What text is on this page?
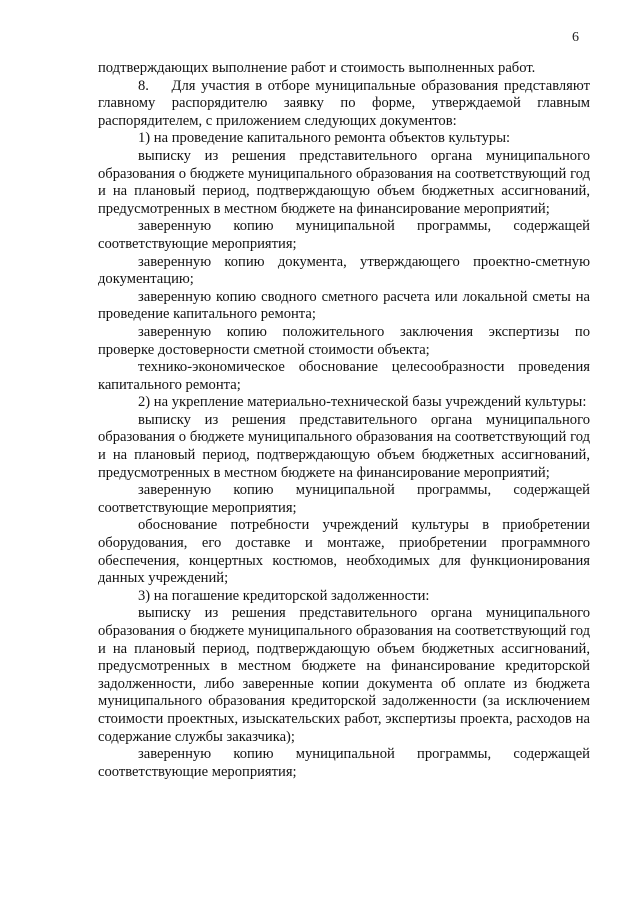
6

подтверждающих выполнение работ и стоимость выполненных работ.

8.    Для участия в отборе муниципальные образования представляют главному распорядителю заявку по форме, утверждаемой главным распорядителем, с приложением следующих документов:

1) на проведение капитального ремонта объектов культуры:

выписку из решения представительного органа муниципального образования о бюджете муниципального образования на соответствующий год и на плановый период, подтверждающую объем бюджетных ассигнований, предусмотренных в местном бюджете на финансирование мероприятий;

заверенную копию муниципальной программы, содержащей соответствующие мероприятия;

заверенную копию документа, утверждающего проектно-сметную документацию;

заверенную копию сводного сметного расчета или локальной сметы на проведение капитального ремонта;

заверенную копию положительного заключения экспертизы по проверке достоверности сметной стоимости объекта;

технико-экономическое обоснование целесообразности проведения капитального ремонта;

2) на укрепление материально-технической базы учреждений культуры:

выписку из решения представительного органа муниципального образования о бюджете муниципального образования на соответствующий год и на плановый период, подтверждающую объем бюджетных ассигнований, предусмотренных в местном бюджете на финансирование мероприятий;

заверенную копию муниципальной программы, содержащей соответствующие мероприятия;

обоснование потребности учреждений культуры в приобретении оборудования, его доставке и монтаже, приобретении программного обеспечения, концертных костюмов, необходимых для функционирования данных учреждений;

3) на погашение кредиторской задолженности:

выписку из решения представительного органа муниципального образования о бюджете муниципального образования на соответствующий год и на плановый период, подтверждающую объем бюджетных ассигнований, предусмотренных в местном бюджете на финансирование кредиторской задолженности, либо заверенные копии документа об оплате из бюджета муниципального образования кредиторской задолженности (за исключением стоимости проектных, изыскательских работ, экспертизы проекта, расходов на содержание службы заказчика);

заверенную копию муниципальной программы, содержащей соответствующие мероприятия;
